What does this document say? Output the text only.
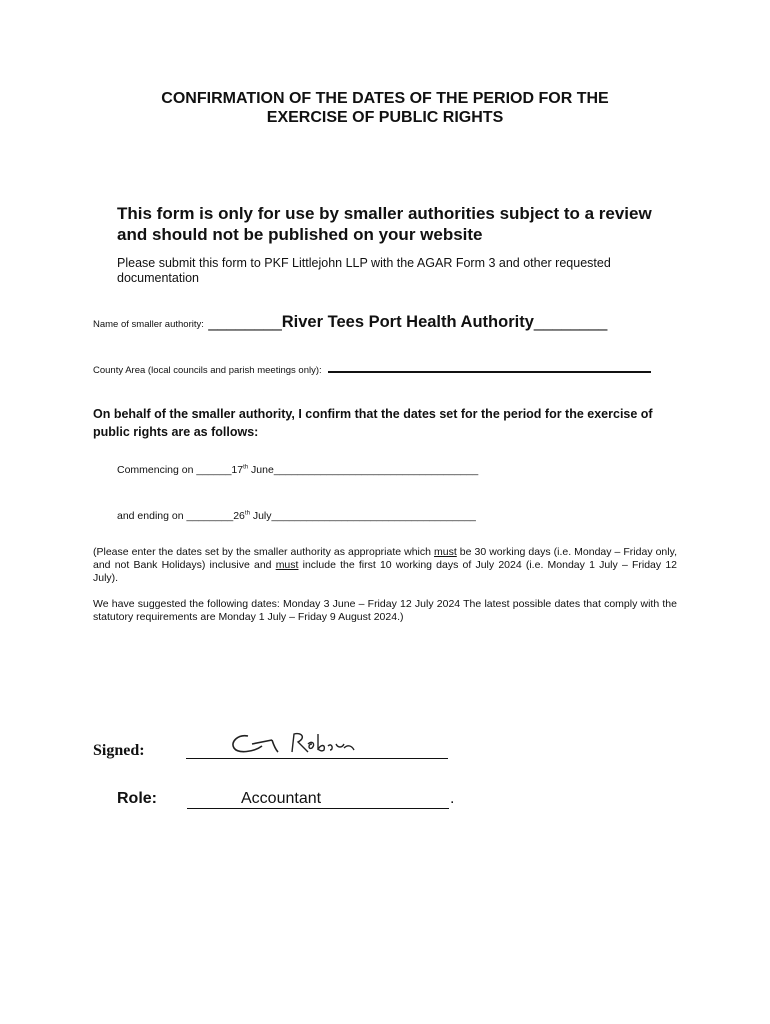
CONFIRMATION OF THE DATES OF THE PERIOD FOR THE
EXERCISE OF PUBLIC RIGHTS
This form is only for use by smaller authorities subject to a review and should not be published on your website
Please submit this form to PKF Littlejohn LLP with the AGAR Form 3 and other requested documentation
Name of smaller authority: ________River Tees Port Health Authority________
County Area (local councils and parish meetings only):
On behalf of the smaller authority, I confirm that the dates set for the period for the exercise of public rights are as follows:
Commencing on ______17th June___________________________________
and ending on ________26th July___________________________________
(Please enter the dates set by the smaller authority as appropriate which must be 30 working days (i.e. Monday – Friday only, and not Bank Holidays) inclusive and must include the first 10 working days of July 2024 (i.e. Monday 1 July – Friday 12 July).
We have suggested the following dates: Monday 3 June – Friday 12 July 2024 The latest possible dates that comply with the statutory requirements are Monday 1 July – Friday 9 August 2024.)
Signed:
Role:	Accountant	.
